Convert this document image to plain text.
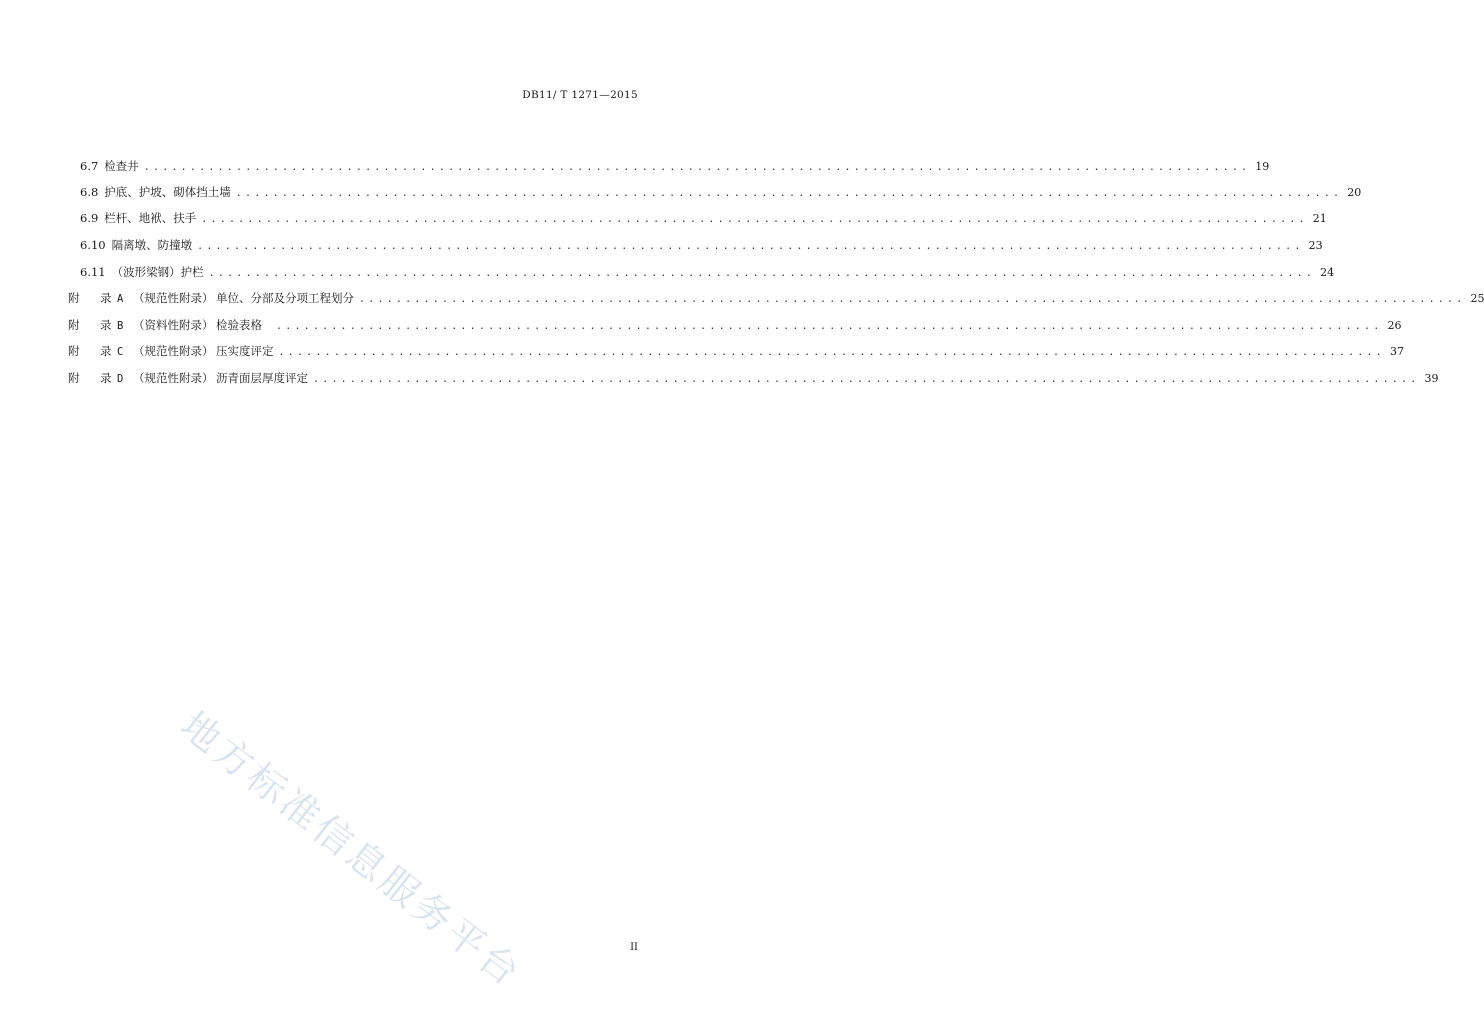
DB11/ T 1271—2015
6.7 检查井 ........................................................................................................................ 19
6.8 护底、护坡、砌体挡土墙 ........................................................................................................................ 20
6.9 栏杆、地袱、扶手 ........................................................................................................................ 21
6.10 隔离墩、防撞墩 ........................................................................................................................ 23
6.11 （波形梁钢）护栏 ........................................................................................................................ 24
附	录 A （规范性附录） 单位、分部及分项工程划分 ........................................................................................................................ 25
附	录 B （资料性附录） 检验表格 ........................................................................................................................ 26
附	录 C （规范性附录） 压实度评定 ........................................................................................................................ 37
附	录 D （规范性附录） 沥青面层厚度评定 ........................................................................................................................ 39
地方标准信息服务平台	II
